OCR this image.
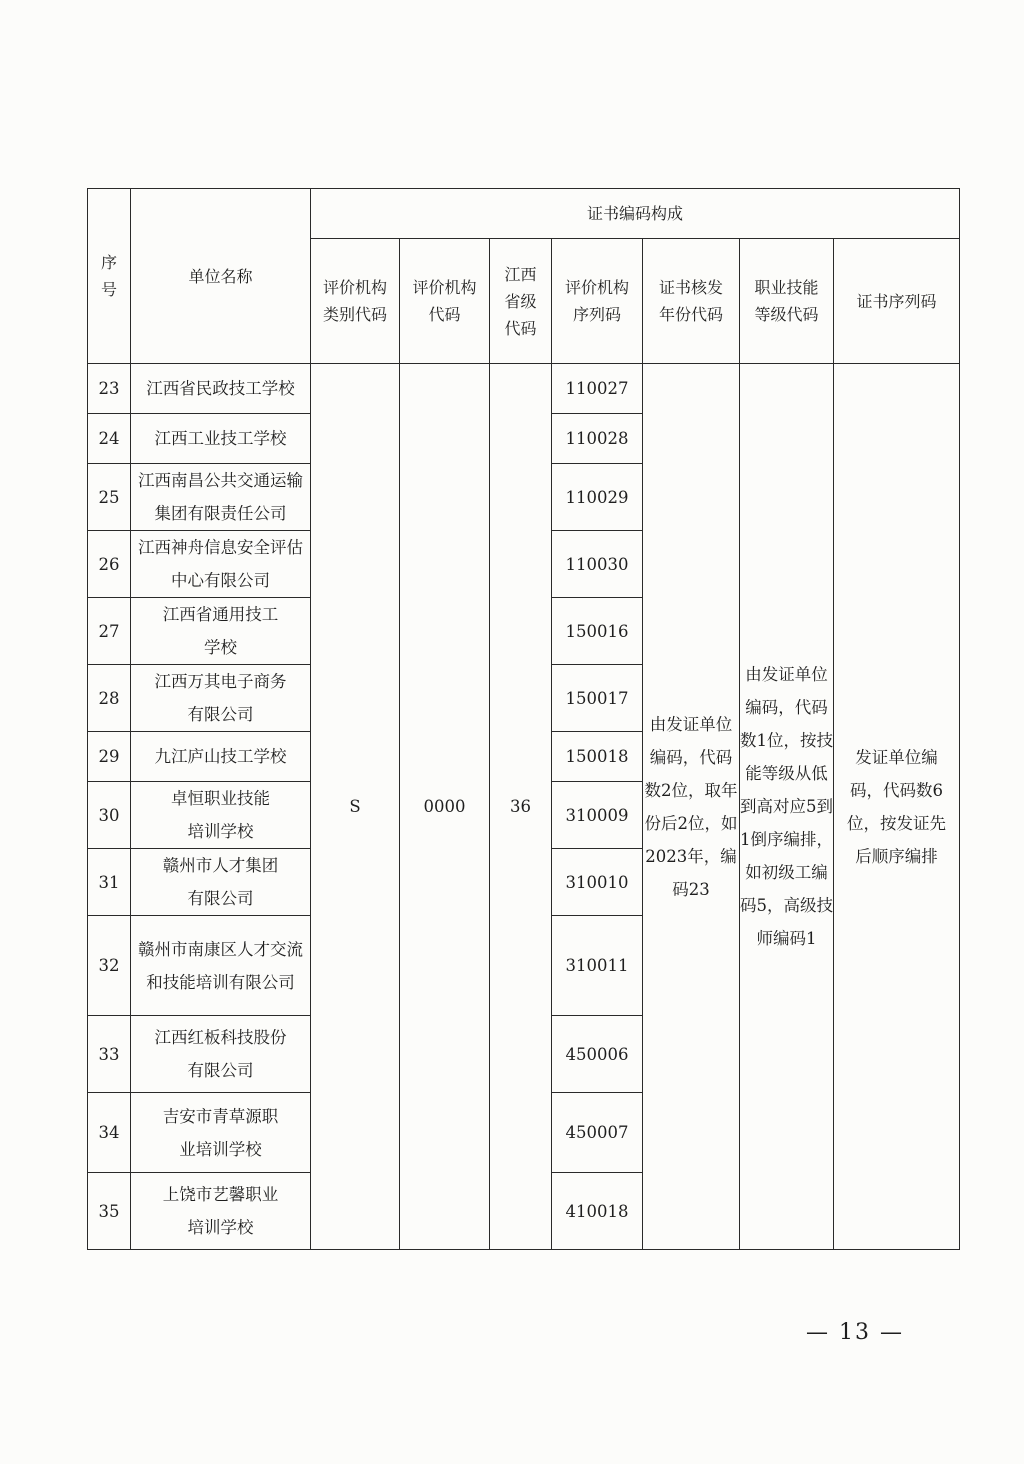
序号	单位名称	证书编码构成						
		评价机构类别代码	评价机构代码	江西省级代码	评价机构序列码	证书核发年份代码	职业技能等级代码	证书序列码
23	江西省民政技工学校	S	0000	36	110027	由发证单位编码，代码数2位，取年份后2位，如2023年，编码23	由发证单位编码，代码数1位，按技能等级从低到高对应5到1倒序编排，如初级工编码5，高级技师编码1	发证单位编码，代码数6位，按发证先后顺序编排
24	江西工业技工学校				110028			
25	江西南昌公共交通运输集团有限责任公司				110029			
26	江西神舟信息安全评估中心有限公司				110030			
27	江西省通用技工学校				150016			
28	江西万其电子商务有限公司				150017			
29	九江庐山技工学校				150018			
30	卓恒职业技能培训学校				310009			
31	赣州市人才集团有限公司				310010			
32	赣州市南康区人才交流和技能培训有限公司				310011			
33	江西红板科技股份有限公司				450006			
34	吉安市青草源职业培训学校				450007			
35	上饶市艺馨职业培训学校				410018			
— 13 —
